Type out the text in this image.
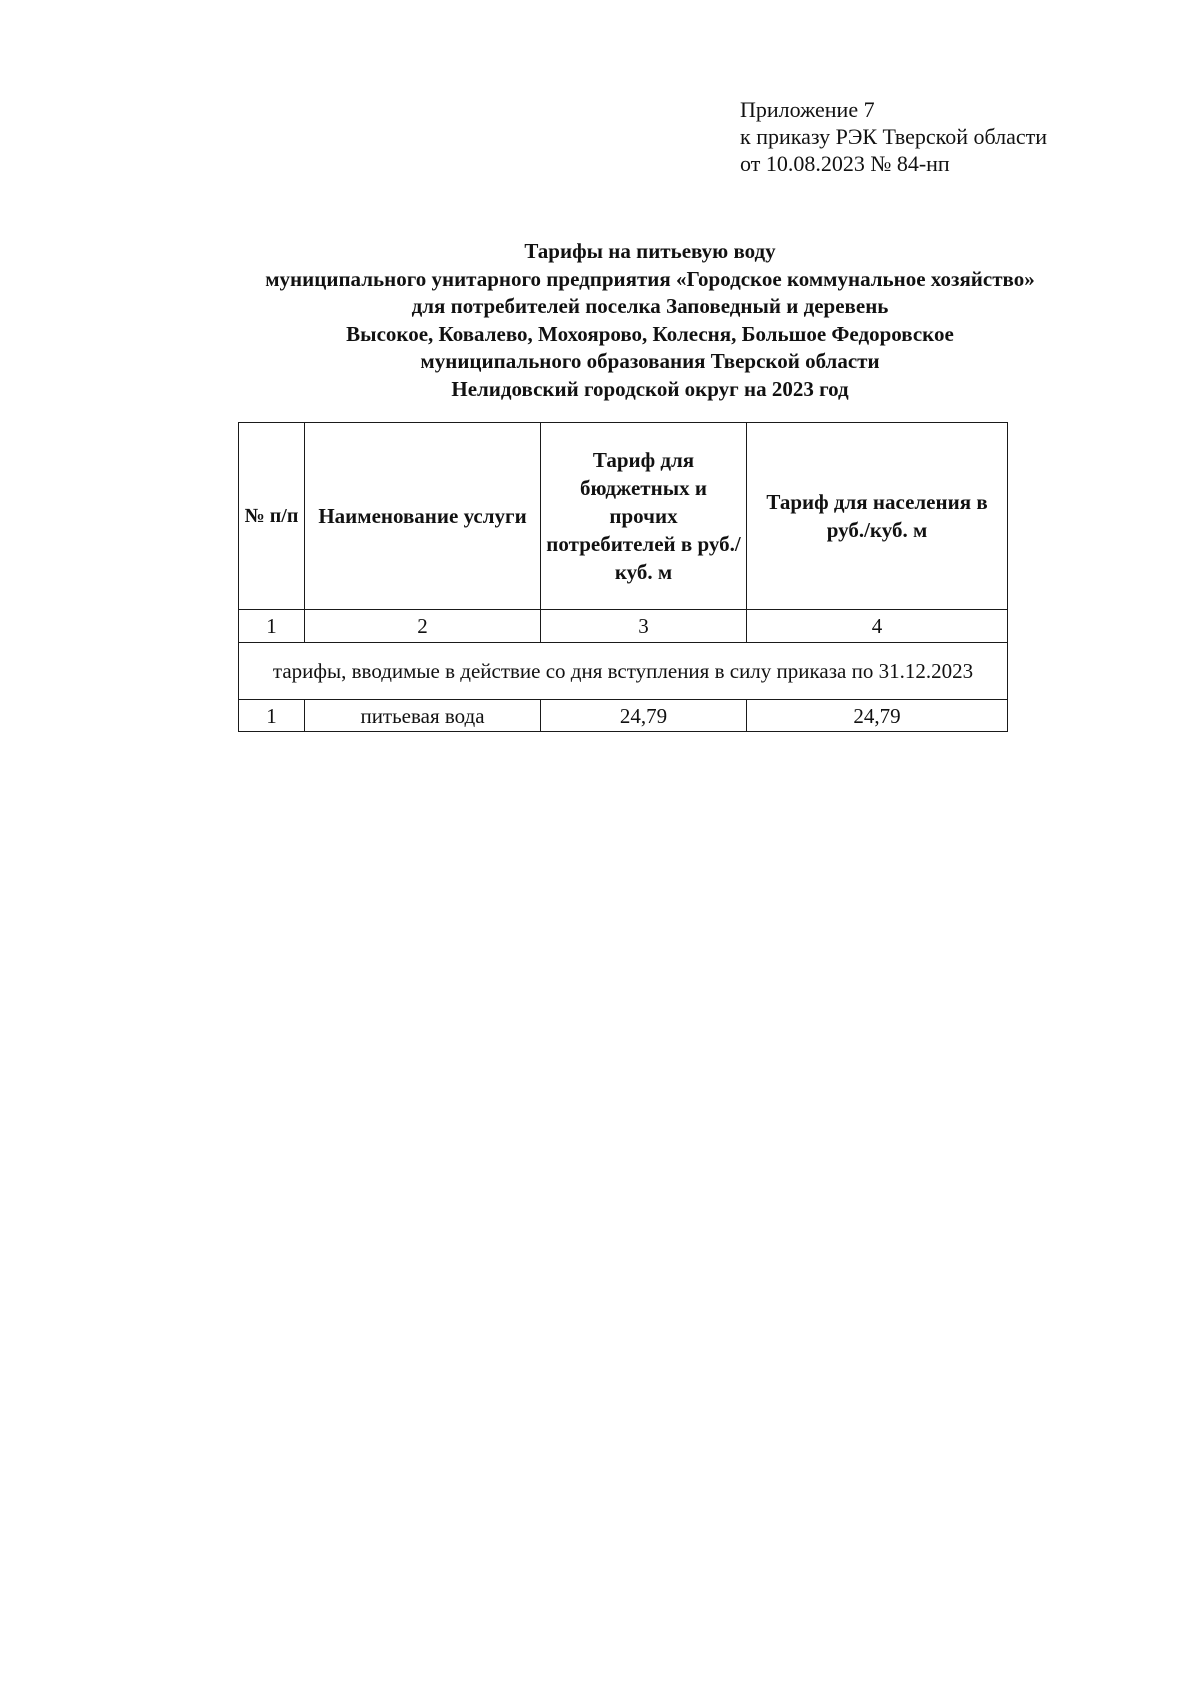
Приложение 7
к приказу РЭК Тверской области
от 10.08.2023 № 84-нп
Тарифы на питьевую воду
муниципального унитарного предприятия «Городское коммунальное хозяйство»
для потребителей поселка Заповедный и деревень
Высокое, Ковалево, Мохоярово, Колесня, Большое Федоровское
муниципального образования Тверской области
Нелидовский городской округ на 2023 год
№ п/п	Наименование услуги	Тариф для бюджетных и прочих потребителей в руб./куб. м	Тариф для населения в руб./куб. м
1	2	3	4
тарифы, вводимые в действие со дня вступления в силу приказа по 31.12.2023			
1	питьевая вода	24,79	24,79
